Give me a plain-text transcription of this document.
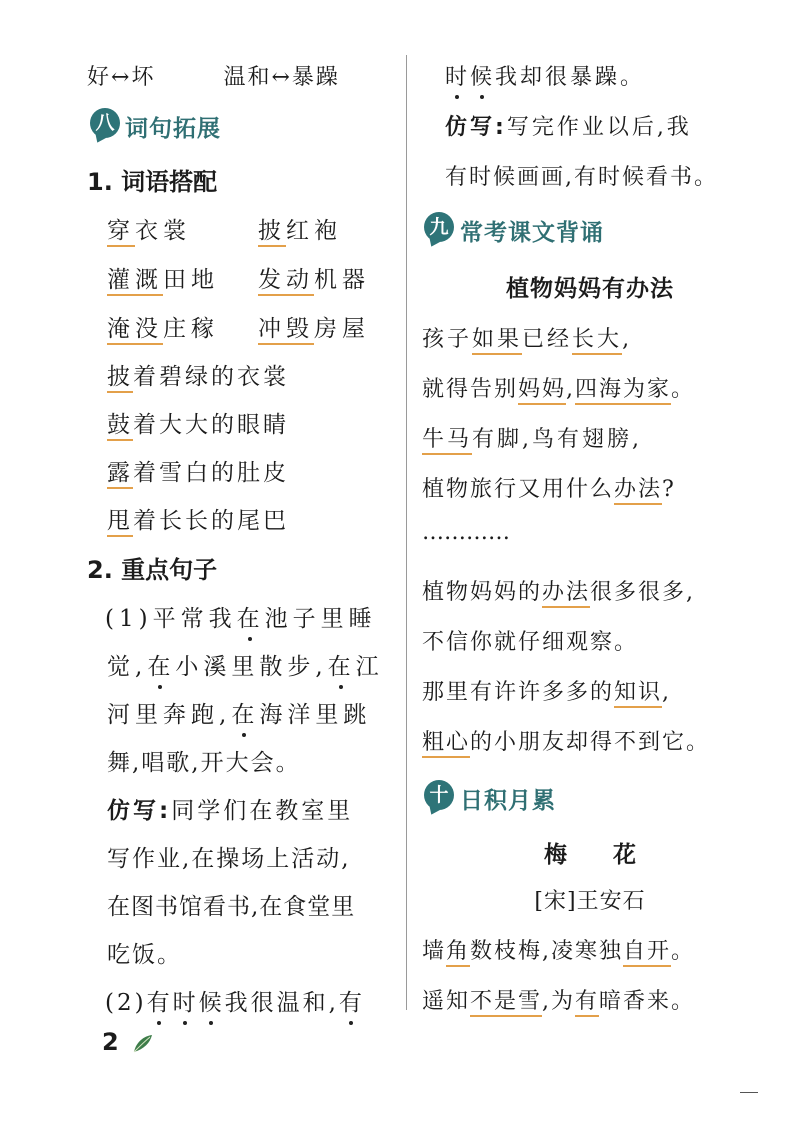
好↔坏	温和↔暴躁
八 词句拓展
1. 词语搭配
穿衣裳	披红袍
灌溉田地 发动机器
淹没庄稼 冲毁房屋
披着碧绿的衣裳
鼓着大大的眼睛
露着雪白的肚皮
甩着长长的尾巴
2. 重点句子
(1)平常我在池子里睡
觉,在小溪里散步,在江
河里奔跑,在海洋里跳
舞,唱歌,开大会。
仿写:同学们在教室里
写作业,在操场上活动,
在图书馆看书,在食堂里
吃饭。
(2)有时候我很温和,有
2
时候我却很暴躁。
仿写:写完作业以后,我
有时候画画,有时候看书。
九 常考课文背诵
植物妈妈有办法
孩子如果已经长大,
就得告别妈妈,四海为家。
牛马有脚,鸟有翅膀,
植物旅行又用什么办法?
…………
植物妈妈的办法很多很多,
不信你就仔细观察。
那里有许许多多的知识,
粗心的小朋友却得不到它。
十 日积月累
梅　　花
[宋]王安石
墙角数枝梅,凌寒独自开。
遥知不是雪,为有暗香来。
